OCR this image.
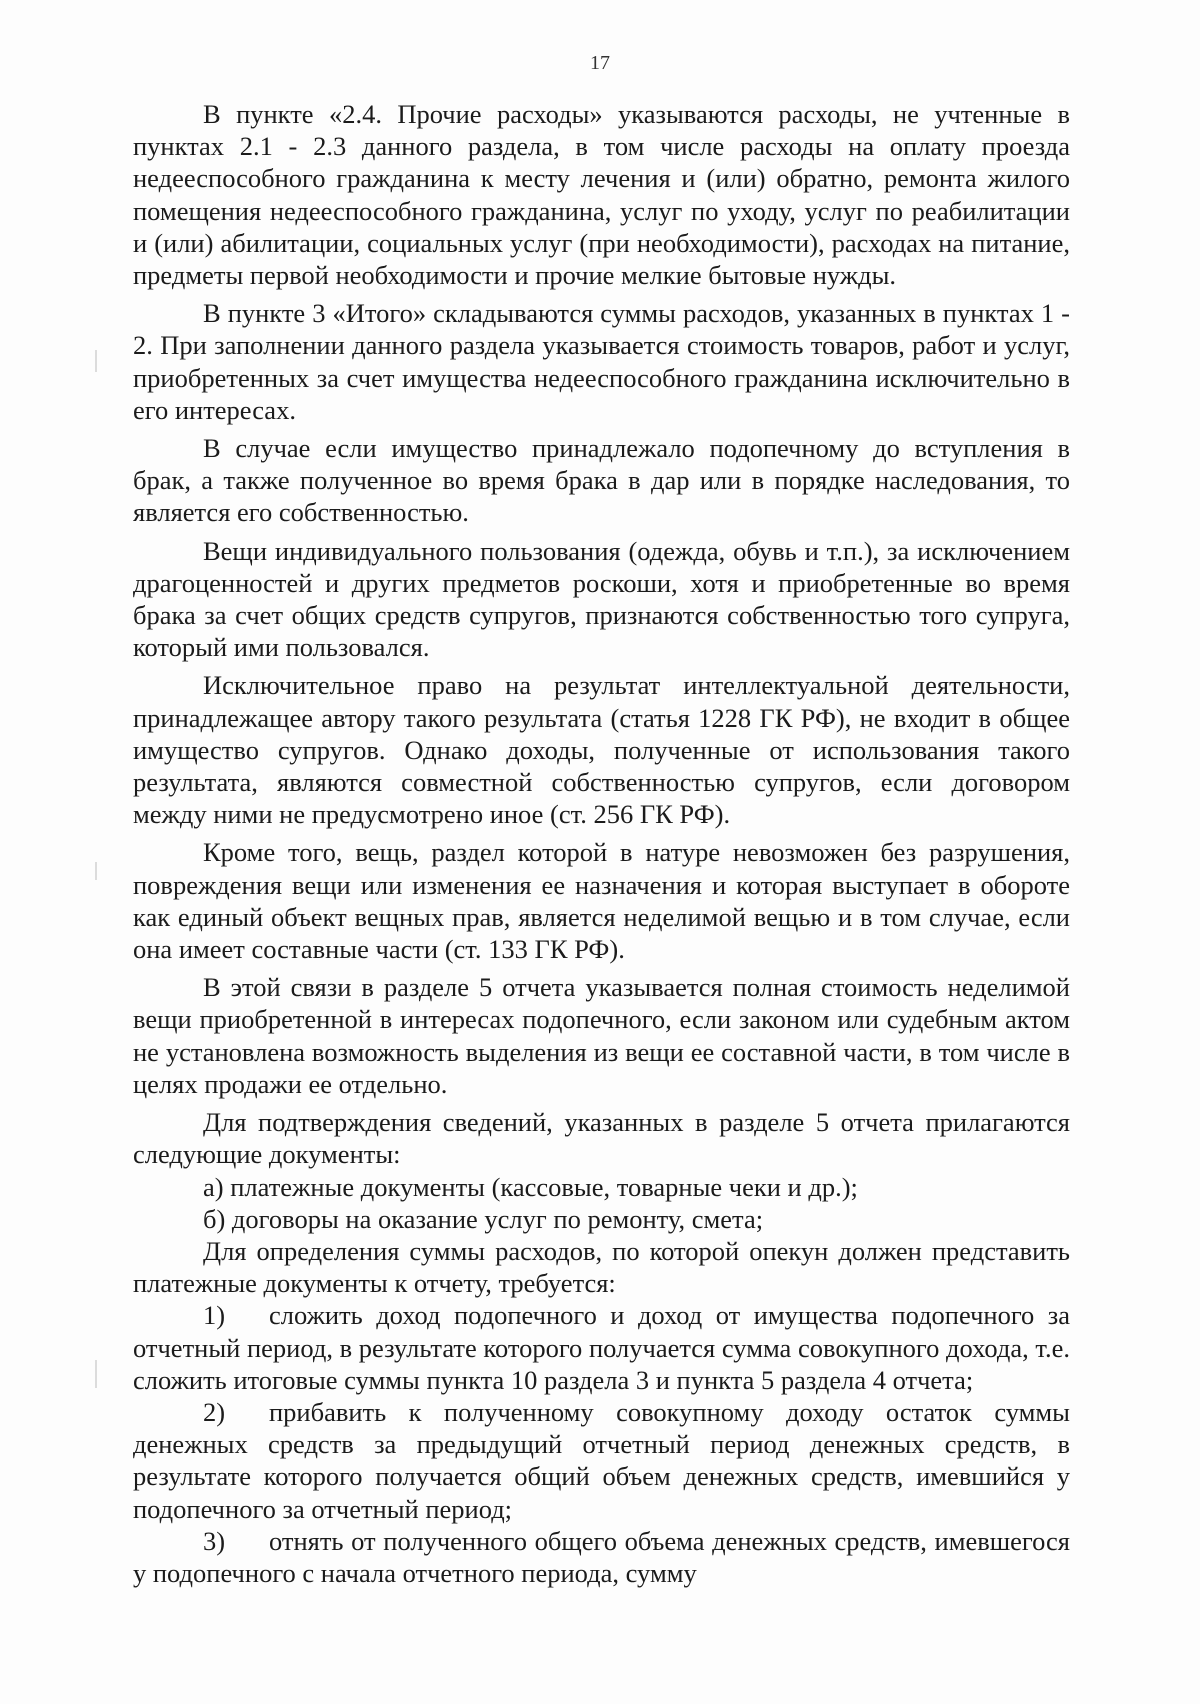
17

В пункте «2.4. Прочие расходы» указываются расходы, не учтенные в пунктах 2.1 - 2.3 данного раздела, в том числе расходы на оплату проезда недееспособного гражданина к месту лечения и (или) обратно, ремонта жилого помещения недееспособного гражданина, услуг по уходу, услуг по реабилитации и (или) абилитации, социальных услуг (при необходимости), расходах на питание, предметы первой необходимости и прочие мелкие бытовые нужды.

В пункте 3 «Итого» складываются суммы расходов, указанных в пунктах 1 - 2. При заполнении данного раздела указывается стоимость товаров, работ и услуг, приобретенных за счет имущества недееспособного гражданина исключительно в его интересах.

В случае если имущество принадлежало подопечному до вступления в брак, а также полученное во время брака в дар или в порядке наследования, то является его собственностью.

Вещи индивидуального пользования (одежда, обувь и т.п.), за исключением драгоценностей и других предметов роскоши, хотя и приобретенные во время брака за счет общих средств супругов, признаются собственностью того супруга, который ими пользовался.

Исключительное право на результат интеллектуальной деятельности, принадлежащее автору такого результата (статья 1228 ГК РФ), не входит в общее имущество супругов. Однако доходы, полученные от использования такого результата, являются совместной собственностью супругов, если договором между ними не предусмотрено иное (ст. 256 ГК РФ).

Кроме того, вещь, раздел которой в натуре невозможен без разрушения, повреждения вещи или изменения ее назначения и которая выступает в обороте как единый объект вещных прав, является неделимой вещью и в том случае, если она имеет составные части (ст. 133 ГК РФ).

В этой связи в разделе 5 отчета указывается полная стоимость неделимой вещи приобретенной в интересах подопечного, если законом или судебным актом не установлена возможность выделения из вещи ее составной части, в том числе в целях продажи ее отдельно.

Для подтверждения сведений, указанных в разделе 5 отчета прилагаются следующие документы:

а) платежные документы (кассовые, товарные чеки и др.);

б) договоры на оказание услуг по ремонту, смета;

Для определения суммы расходов, по которой опекун должен представить платежные документы к отчету, требуется:

1) сложить доход подопечного и доход от имущества подопечного за отчетный период, в результате которого получается сумма совокупного дохода, т.е. сложить итоговые суммы пункта 10 раздела 3 и пункта 5 раздела 4 отчета;

2) прибавить к полученному совокупному доходу остаток суммы денежных средств за предыдущий отчетный период денежных средств, в результате которого получается общий объем денежных средств, имевшийся у подопечного за отчетный период;

3) отнять от полученного общего объема денежных средств, имевшегося у подопечного с начала отчетного периода, сумму
